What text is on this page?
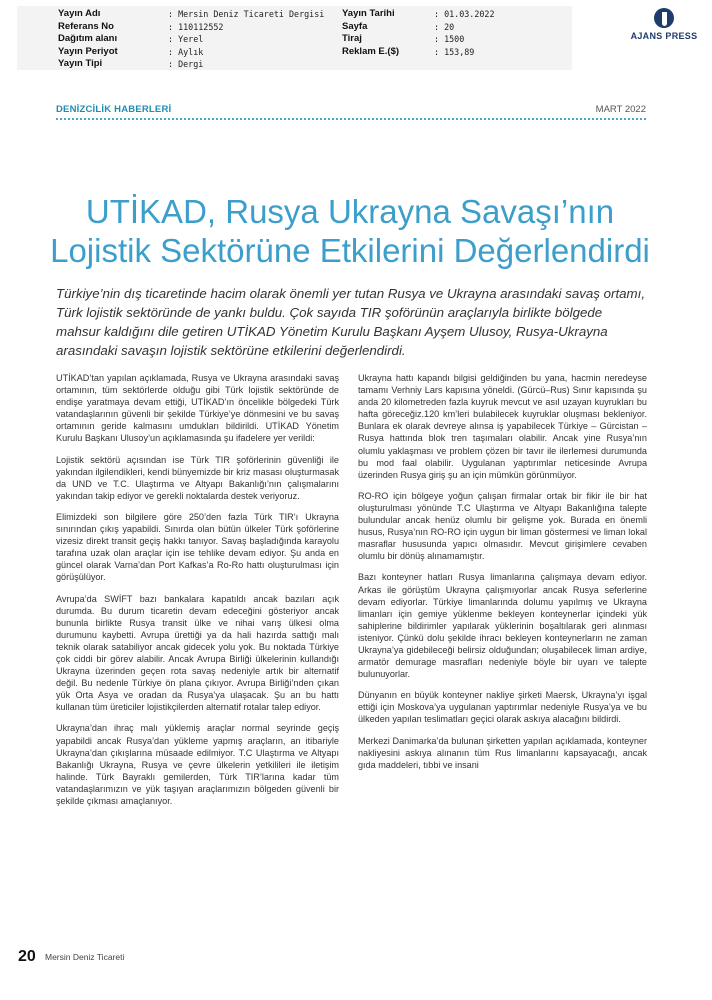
Yayın Adı
Referans No
Dağıtım alanı
Yayın Periyot
Yayın Tipi
: Mersin Deniz Ticareti Dergisi
: 110112552
: Yerel
: Aylık
: Dergi
Yayın Tarihi
Sayfa
Tiraj
Reklam E.($)
: 01.03.2022
: 20
: 1500
: 153,89
AJANS PRESS
DENİZCİLİK HABERLERİ	MART 2022
UTİKAD, Rusya Ukrayna Savaşı’nın Lojistik Sektörüne Etkilerini Değerlendirdi

Türkiye’nin dış ticaretinde hacim olarak önemli yer tutan Rusya ve Ukrayna arasındaki savaş ortamı, Türk lojistik sektöründe de yankı buldu. Çok sayıda TIR şoförünün araçlarıyla birlikte bölgede mahsur kaldığını dile getiren UTİKAD Yönetim Kurulu Başkanı Ayşem Ulusoy, Rusya-Ukrayna arasındaki savaşın lojistik sektörüne etkilerini değerlendirdi.

UTİKAD’tan yapılan açıklamada, Rusya ve Ukrayna arasındaki savaş ortamının, tüm sektörlerde olduğu gibi Türk lojistik sektöründe de endişe yaratmaya devam ettiği, UTİKAD’ın öncelikle bölgedeki Türk vatandaşlarının güvenli bir şekilde Türkiye’ye dönmesini ve bu savaş ortamının geride kalmasını umdukları bildirildi. UTİKAD Yönetim Kurulu Başkanı Ulusoy’un açıklamasında şu ifadelere yer verildi:

Lojistik sektörü açısından ise Türk TIR şoförlerinin güvenliği ile yakından ilgilendikleri, kendi bünyemizde bir kriz masası oluşturmasak da UND ve T.C. Ulaştırma ve Altyapı Bakanlığı’nın çalışmalarını yakından takip ediyor ve gerekli noktalarda destek veriyoruz.

Elimizdeki son bilgilere göre 250’den fazla Türk TIR’ı Ukrayna sınırından çıkış yapabildi. Sınırda olan bütün ülkeler Türk şoförlerine vizesiz direkt transit geçiş hakkı tanıyor. Savaş başladığında karayolu tarafına uzak olan araçlar için ise tehlike devam ediyor. Şu anda en güncel olarak Varna’dan Port Kafkas’a Ro-Ro hattı oluşturulması için görüşülüyor.

Avrupa’da SWİFT bazı bankalara kapatıldı ancak bazıları açık durumda. Bu durum ticaretin devam edeceğini gösteriyor ancak bununla birlikte Rusya transit ülke ve nihai varış ülkesi olma durumunu kaybetti. Avrupa ürettiği ya da hali hazırda sattığı malı teknik olarak satabiliyor ancak gidecek yolu yok. Bu noktada Türkiye çok ciddi bir görev alabilir. Ancak Avrupa Birliği ülkelerinin kullandığı Ukrayna üzerinden geçen rota savaş nedeniyle artık bir alternatif değil. Bu nedenle Türkiye ön plana çıkıyor. Avrupa Birliği’nden çıkan yük Orta Asya ve oradan da Rusya’ya ulaşacak. Şu an bu hattı kullanan tüm üreticiler lojistikçilerden alternatif rotalar talep ediyor.

Ukrayna’dan ihraç malı yüklemiş araçlar normal seyrinde geçiş yapabildi ancak Rusya’dan yükleme yapmış araçların, an itibariyle Ukrayna’dan çıkışlarına müsaade edilmiyor. T.C Ulaştırma ve Altyapı Bakanlığı Ukrayna, Rusya ve çevre ülkelerin yetkilileri ile iletişim halinde. Türk Bayraklı gemilerden, Türk TIR’larına kadar tüm vatandaşlarımızın ve yük taşıyan araçlarımızın bölgeden güvenli bir şekilde çıkması amaçlanıyor.

Ukrayna hattı kapandı bilgisi geldiğinden bu yana, hacmin neredeyse tamamı Verhniy Lars kapısına yöneldi. (Gürcü–Rus) Sınır kapısında şu anda 20 kilometreden fazla kuyruk mevcut ve asıl uzayan kuyrukları bu hafta göreceğiz.120 km’leri bulabilecek kuyruklar oluşması bekleniyor. Bunlara ek olarak devreye alınsa iş yapabilecek Türkiye – Gürcistan – Rusya hattında blok tren taşımaları olabilir. Ancak yine Rusya’nın olumlu yaklaşması ve problem çözen bir tavır ile ilerlemesi durumunda bu mod faal olabilir. Uygulanan yaptırımlar neticesinde Avrupa üzerinden Rusya giriş şu an için mümkün görünmüyor.

RO-RO için bölgeye yoğun çalışan firmalar ortak bir fikir ile bir hat oluşturulması yönünde T.C Ulaştırma ve Altyapı Bakanlığına talepte bulundular ancak henüz olumlu bir gelişme yok. Burada en önemli husus, Rusya’nın RO-RO için uygun bir liman göstermesi ve liman lokal masraflar hususunda yapıcı olmasıdır. Mevcut girişimlere cevaben olumlu bir dönüş alınamamıştır.

Bazı konteyner hatları Rusya limanlarına çalışmaya devam ediyor. Arkas ile görüştüm Ukrayna çalışmıyorlar ancak Rusya seferlerine devam ediyorlar. Türkiye limanlarında dolumu yapılmış ve Ukrayna limanları için gemiye yüklenme bekleyen konteynerlar içindeki yük sahiplerine bildirimler yapılarak yüklerinin boşaltılarak geri alınması isteniyor. Çünkü dolu şekilde ihracı bekleyen konteynerların ne zaman Ukrayna’ya gidebileceği belirsiz olduğundan; oluşabilecek liman ardiye, armatör demurage masrafları nedeniyle böyle bir uyarı ve talepte bulunuyorlar.

Dünyanın en büyük konteyner nakliye şirketi Maersk, Ukrayna’yı işgal ettiği için Moskova’ya uygulanan yaptırımlar nedeniyle Rusya’ya ve bu ülkeden yapılan teslimatları geçici olarak askıya alacağını bildirdi.

Merkezi Danimarka’da bulunan şirketten yapılan açıklamada, konteyner nakliyesini askıya alınanın tüm Rus limanlarını kapsayacağı, ancak gıda maddeleri, tıbbi ve insani

20 Mersin Deniz Ticareti
